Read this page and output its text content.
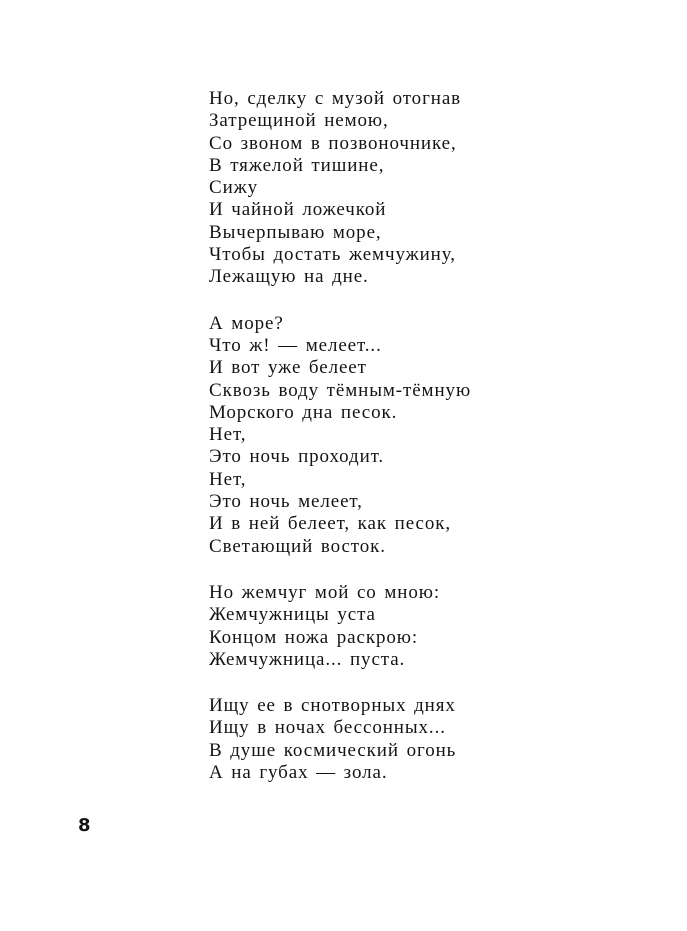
Но, сделку с музой отогнав
Затрещиной немою,
Со звоном в позвоночнике,
В тяжелой тишине,
Сижу
И чайной ложечкой
Вычерпываю море,
Чтобы достать жемчужину,
Лежащую на дне.
А море?
Что ж! — мелеет...
И вот уже белеет
Сквозь воду тёмным-тёмную
Морского дна песок.
Нет,
Это ночь проходит.
Нет,
Это ночь мелеет,
И в ней белеет, как песок,
Светающий восток.
Но жемчуг мой со мною:
Жемчужницы уста
Концом ножа раскрою:
Жемчужница... пуста.
Ищу ее в снотворных днях
Ищу в ночах бессонных...
В душе космический огонь
А на губах — зола.
8
